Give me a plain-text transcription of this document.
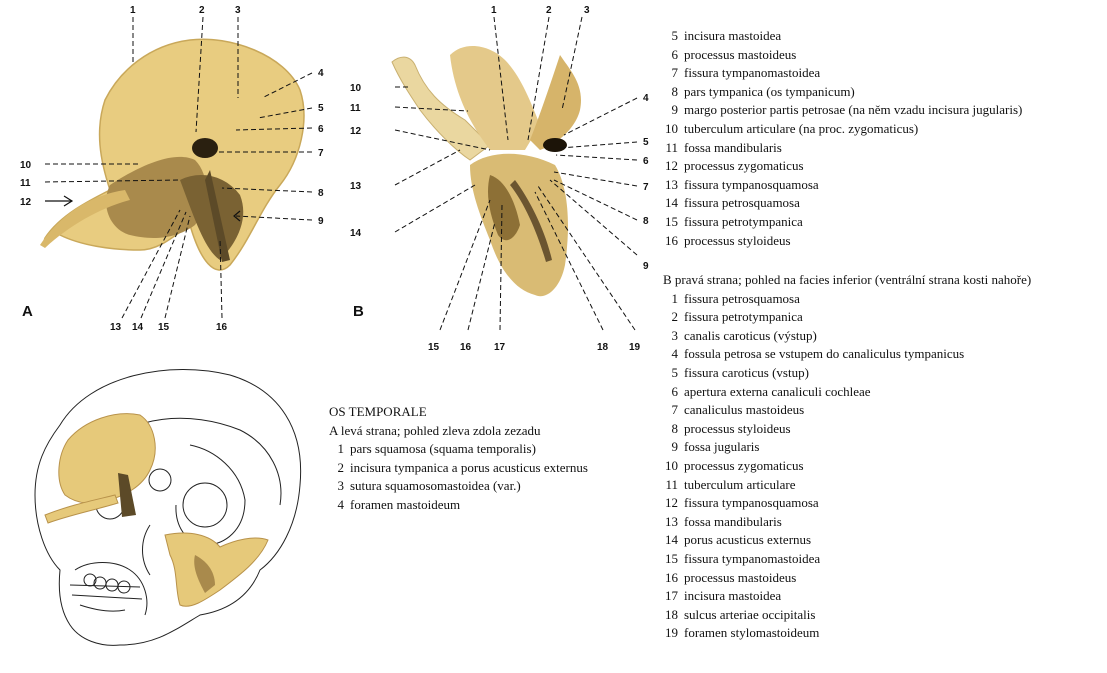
1	2	3
4
5
6
7
8
9
10
11
12
13 14 15	16
A
1	2	3
4
5
6
7
8
9
10
11
12
13
14
15 16 17	18 19
B
OS TEMPORALE
A levá strana; pohled zleva zdola zezadu
1 pars squamosa (squama temporalis)
2 incisura tympanica a porus acusticus externus
3 sutura squamosomastoidea (var.)
4 foramen mastoideum
5 incisura mastoidea
6 processus mastoideus
7 fissura tympanomastoidea
8 pars tympanica (os tympanicum)
9 margo posterior partis petrosae (na něm vzadu incisura jugularis)
10 tuberculum articulare (na proc. zygomaticus)
11 fossa mandibularis
12 processus zygomaticus
13 fissura tympanosquamosa
14 fissura petrosquamosa
15 fissura petrotympanica
16 processus styloideus
B pravá strana; pohled na facies inferior (ventrální strana kosti nahoře)
1 fissura petrosquamosa
2 fissura petrotympanica
3 canalis caroticus (výstup)
4 fossula petrosa se vstupem do canaliculus tympanicus
5 fissura caroticus (vstup)
6 apertura externa canaliculi cochleae
7 canaliculus mastoideus
8 processus styloideus
9 fossa jugularis
10 processus zygomaticus
11 tuberculum articulare
12 fissura tympanosquamosa
13 fossa mandibularis
14 porus acusticus externus
15 fissura tympanomastoidea
16 processus mastoideus
17 incisura mastoidea
18 sulcus arteriae occipitalis
19 foramen stylomastoideum
